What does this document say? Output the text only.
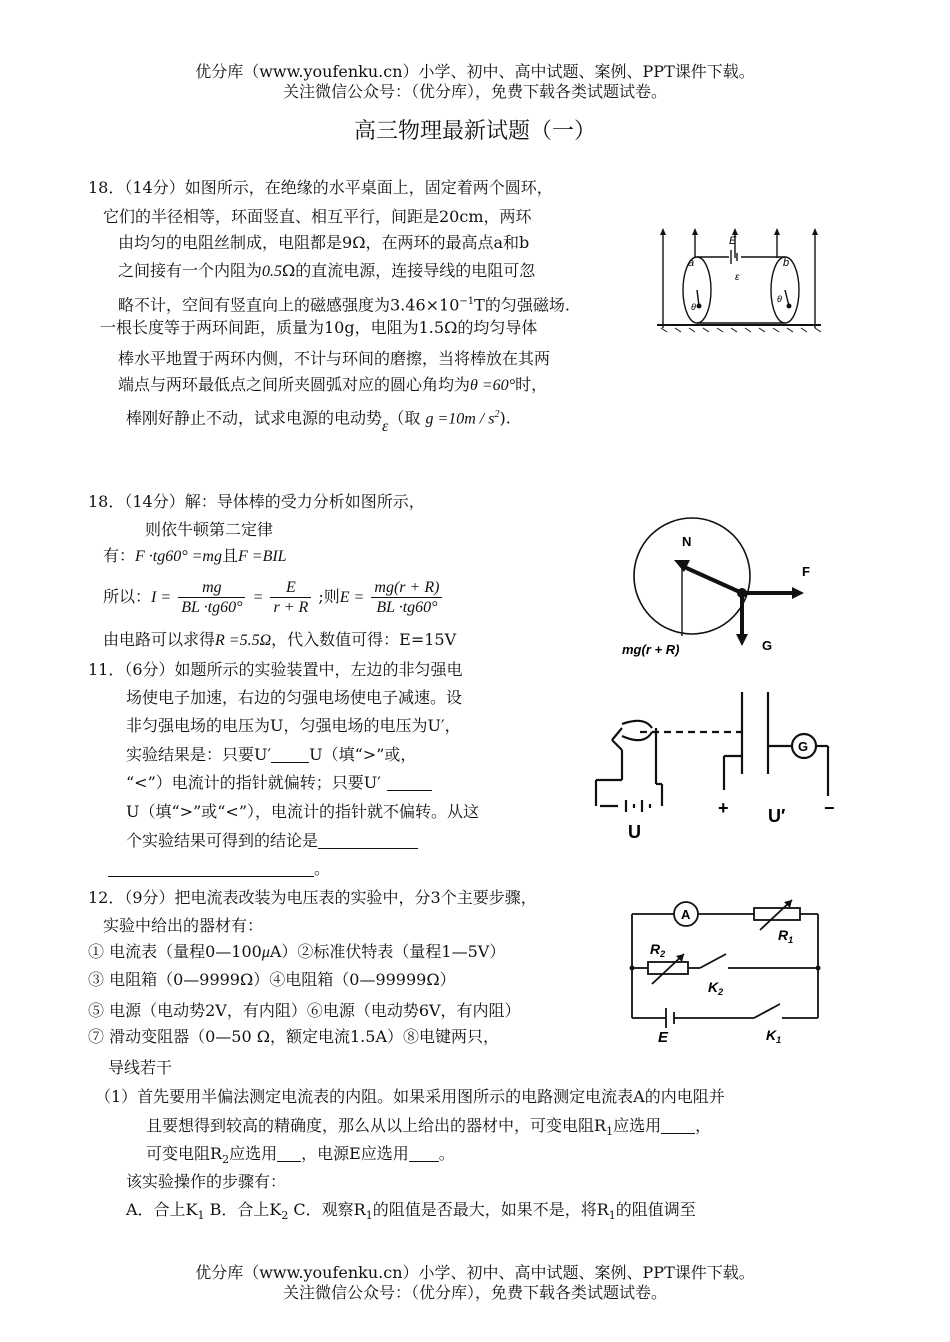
优分库（www.youfenku.cn）小学、初中、高中试题、案例、PPT课件下载。
关注微信公众号：（优分库），免费下载各类试题试卷。
高三物理最新试题（一）
18．（14分）如图所示，在绝缘的水平桌面上，固定着两个圆环，
它们的半径相等，环面竖直、相互平行，间距是20cm，两环
由均匀的电阻丝制成，电阻都是9Ω，在两环的最高点a和b
之间接有一个内阻为0.5Ω的直流电源，连接导线的电阻可忽
略不计，空间有竖直向上的磁感强度为$3.46\times 10^{-1}T$的匀强磁场.
一根长度等于两环间距，质量为10g，电阻为1.5Ω的均匀导体
棒水平地置于两环内侧，不计与环间的磨擦，当将棒放在其两
端点与两环最低点之间所夹圆弧对应的圆心角均为θ =60°时，
棒刚好静止不动，试求电源的电动势ε（取 $g =10m / s^2$).
E
ε
a	b
θ
θ
18．（14分）解：导体棒的受力分析如图所示，
则依牛顿第二定律
有：F ·tg60° =mg且F =BIL
所以：$I = \frac{mg}{BL \cdot tg60^\circ} = \frac{E}{r + R}$ ;则$E = \frac{mg(r + R)}{BL \cdot tg60^\circ}$
由电路可以求得R =5.5Ω，代入数值可得：E=15V
N
F
G
mg(r + R)
11．（6分）如题所示的实验装置中，左边的非匀强电
场使电子加速，右边的匀强电场使电子减速。设
非匀强电场的电压为U，匀强电场的电压为U′，
实验结果是：只要U′ U（填“>”或，
“<”）电流计的指针就偏转；只要U′
U（填“>”或“<”），电流计的指针就不偏转。从这
个实验结果可得到的结论是
。
G
+	−
U
U′
12．（9分）把电流表改装为电压表的实验中，分3个主要步骤，
实验中给出的器材有：
① 电流表（量程0—100μA）②标准伏特表（量程1—5V）
③ 电阻箱（0—9999Ω）④电阻箱（0—99999Ω）
⑤ 电源（电动势2V，有内阻）⑥电源（电动势6V，有内阻）
⑦ 滑动变阻器（0—50 Ω，额定电流1.5A）⑧电键两只，
导线若干
（1）首先要用半偏法测定电流表的内阻。如果采用图所示的电路测定电流表A的内电阻并
且要想得到较高的精确度，那么从以上给出的器材中，可变电阻$R_1$应选用 ，
可变电阻$R_2$应选用 ，电源E应选用 。
该实验操作的步骤有：
A．合上$K_1$ B．合上$K_2$ C．观察$R_1$的阻值是否最大，如果不是，将$R_1$的阻值调至
A
$R_1$
$R_2$
$K_2$
E	$K_1$
优分库（www.youfenku.cn）小学、初中、高中试题、案例、PPT课件下载。
关注微信公众号：（优分库），免费下载各类试题试卷。
